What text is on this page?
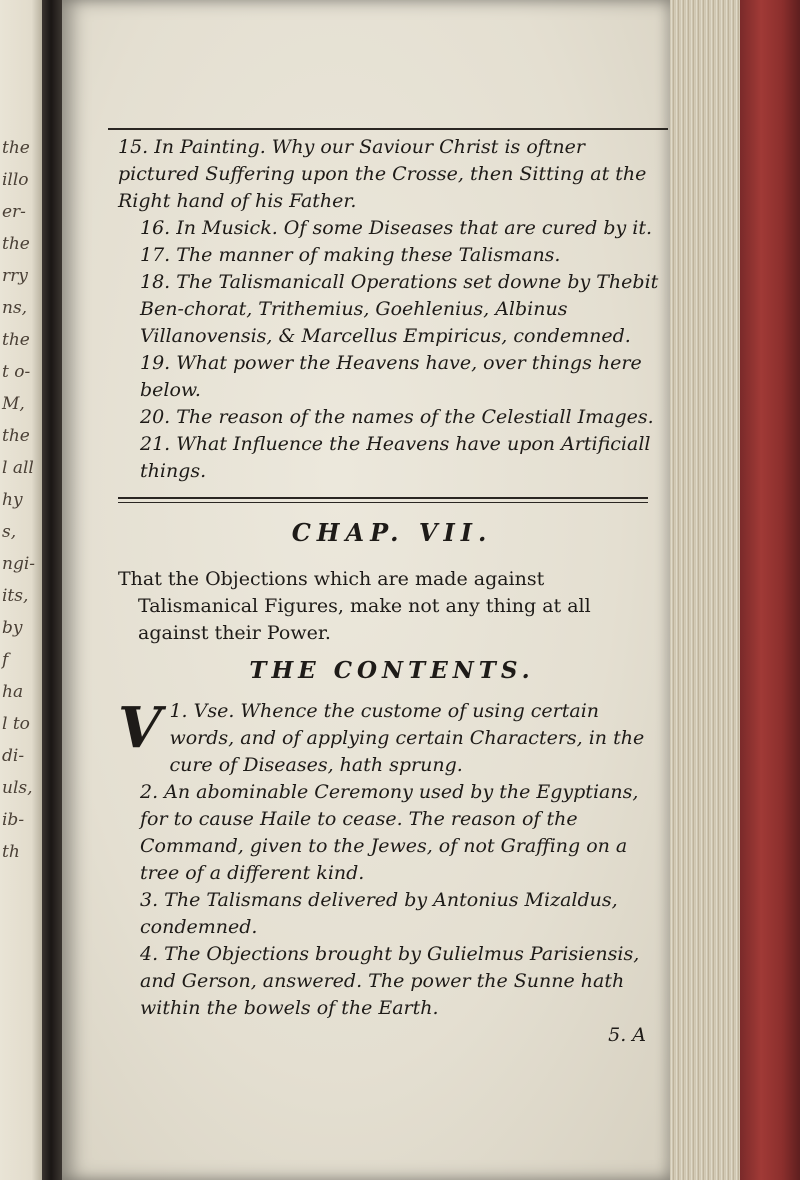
the
illo
er-
the
rry
ns,
the
t o-
M,
the
l all
hy
s,
ngi-
its,
by
f
ha
l to
di-
uls,
ib-
th
15. In Painting. Why our Saviour Christ is oftner pictured Suffering upon the Crosse, then Sitting at the Right hand of his Father.
16. In Musick. Of some Diseases that are cured by it.
17. The manner of making these Talismans.
18. The Talismanicall Operations set downe by Thebit Ben-chorat, Trithemius, Goehlenius, Albinus Villanovensis, & Marcellus Empiricus, condemned.
19. What power the Heavens have, over things here below.
20. The reason of the names of the Celestiall Images.
21. What Influence the Heavens have upon Artificiall things.
CHAP. VII.
That the Objections which are made against Talismanical Figures, make not any thing at all against their Power.
THE CONTENTS.
1.
V Vse. Whence the custome of using certain words, and of applying certain Characters, in the cure of Diseases, hath sprung.
2. An abominable Ceremony used by the Egyptians, for to cause Haile to cease. The reason of the Command, given to the Jewes, of not Graffing on a tree of a different kind.
3. The Talismans delivered by Antonius Mizaldus, condemned.
4. The Objections brought by Gulielmus Parisiensis, and Gerson, answered. The power the Sunne hath within the bowels of the Earth.
5. A
